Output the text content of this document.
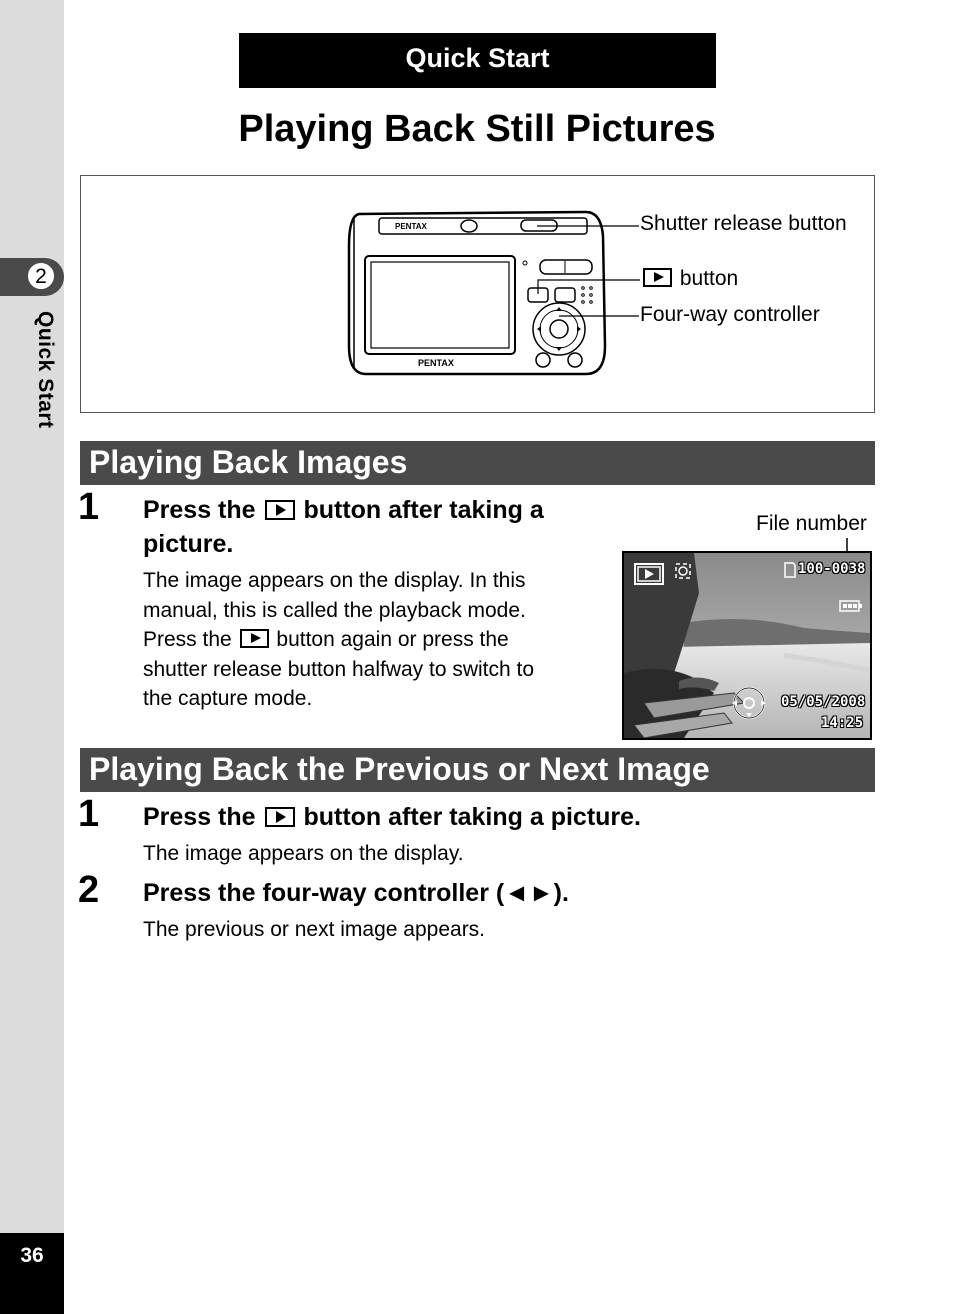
2
Quick Start
36
Quick Start
Playing Back Still Pictures
PENTAX
PENTAX
Shutter release button
button
Four-way controller
Playing Back Images
1 Press the button after taking a
picture.
The image appears on the display. In this
manual, this is called the playback mode.
Press the button again or press the
shutter release button halfway to switch to
the capture mode.
File number
100-0038
05/05/2008
14:25
Playing Back the Previous or Next Image
1 Press the button after taking a picture.
The image appears on the display.
2 Press the four-way controller (◄►).
The previous or next image appears.
